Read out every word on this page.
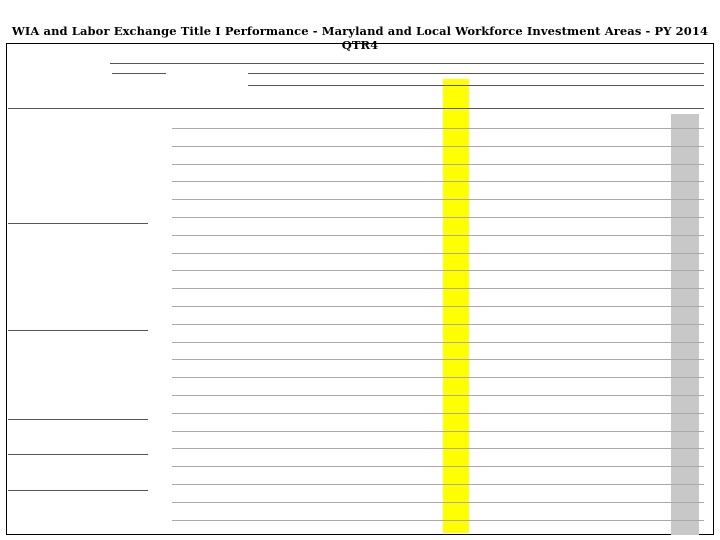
WIA and Labor Exchange Title I Performance - Maryland and Local Workforce Investment Areas - PY 2014 QTR4
